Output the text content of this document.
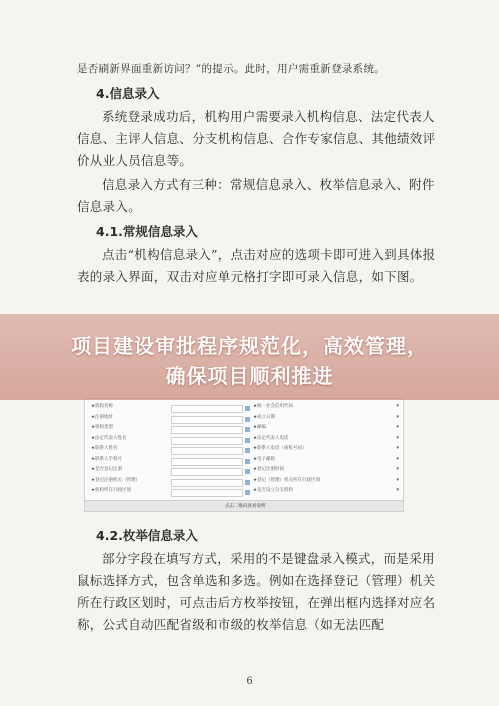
是否刷新界面重新访问？”的提示。此时，用户需重新登录系统。

4.信息录入

系统登录成功后，机构用户需要录入机构信息、法定代表人信息、主评人信息、分支机构信息、合作专家信息、其他绩效评价从业人员信息等。

信息录入方式有三种：常规信息录入、枚举信息录入、附件信息录入。

4.1.常规信息录入

点击“机构信息录入”，点击对应的选项卡即可进入到具体报表的录入界面，双击对应单元格打字即可录入信息，如下图。

★机构名称	★统一社会信用代码	▾
★注册地址	★成立日期	▾
★机构类型	★邮编	▾
★法定代表人姓名	★法定代表人电话	▾
★联系人姓名	★联系人电话（座机号码）	▾
★联系人手机号	★电子邮箱	▾
★是否登记注册	★登记注册时间	▾
★登记注册机关（管理）	★登记（管理）机关所在行政区划	▾
★机构所在行政区划	★是否设立分支机构	▾
点击二维码查看说明
项目建设审批程序规范化，高效管理，
确保项目顺利推进
4.2.枚举信息录入

部分字段在填写方式，采用的不是键盘录入模式，而是采用鼠标选择方式，包含单选和多选。例如在选择登记（管理）机关所在行政区划时，可点击后方枚举按钮，在弹出框内选择对应名称，公式自动匹配省级和市级的枚举信息（如无法匹配

6
